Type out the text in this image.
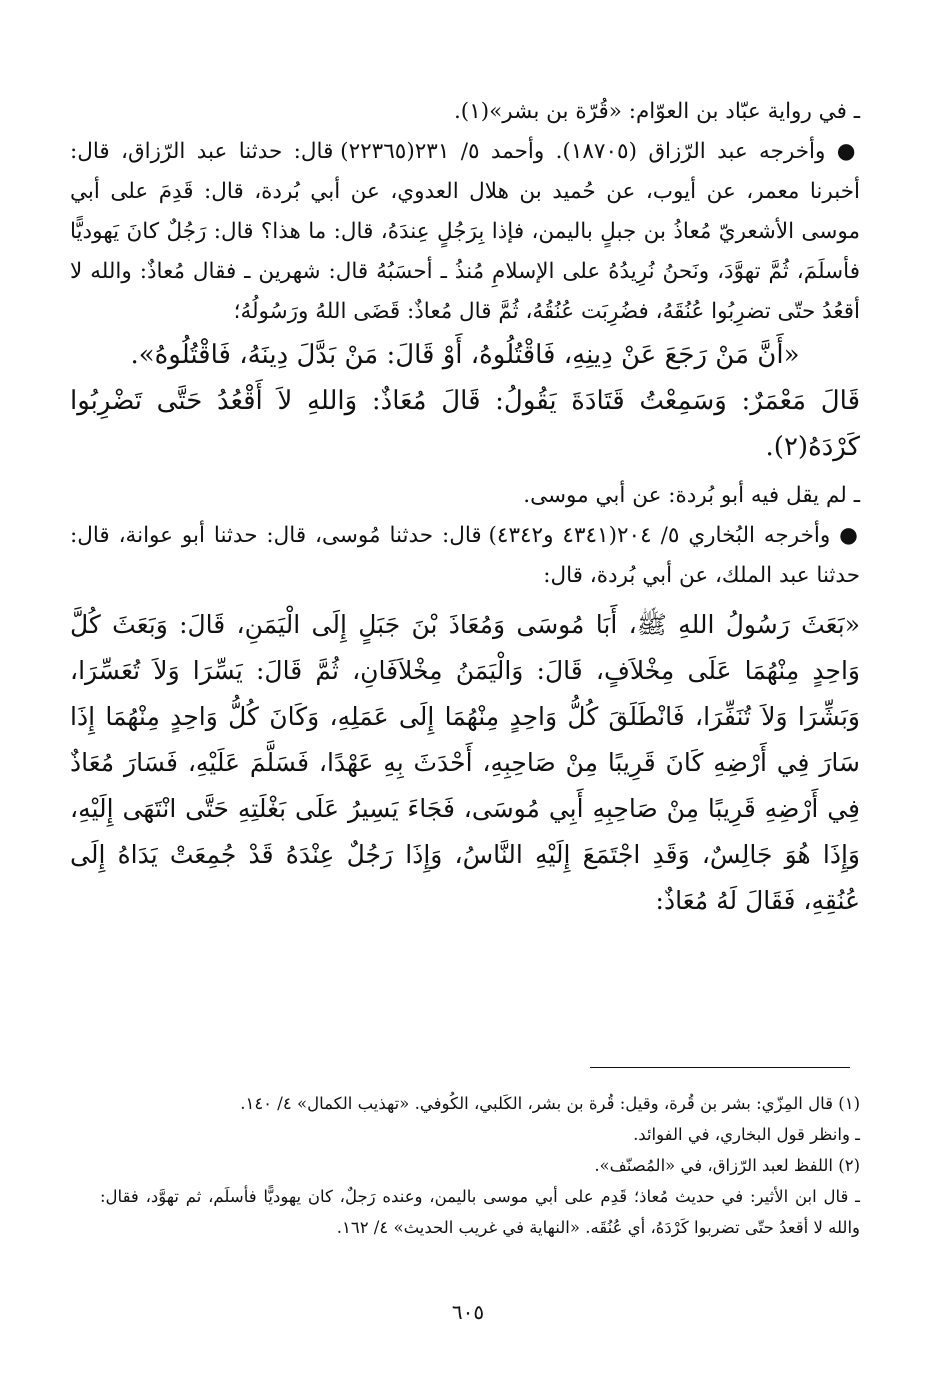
ـ في رواية عبّاد بن العوّام: «قُرّة بن بشر»(١).

● وأخرجه عبد الرّزاق (١٨٧٠٥). وأحمد ٥/ ٢٣١(٢٢٣٦٥) قال: حدثنا عبد الرّزاق، قال: أخبرنا معمر، عن أيوب، عن حُميد بن هلال العدوي، عن أبي بُردة، قال: قَدِمَ على أبي موسى الأشعريّ مُعاذُ بن جبلٍ باليمن، فإذا بِرَجُلٍ عِندَهُ، قال: ما هذا؟ قال: رَجُلٌ كانَ يَهوديًّا فأسلَمَ، ثُمَّ تهوَّدَ، ونَحنُ نُرِيدُهُ على الإسلامِ مُنذُ ـ أحسَبُهُ قال: شهرين ـ فقال مُعاذٌ: والله لا أقعُدُ حتّى تضرِبُوا عُنُقَهُ، فضُرِبَت عُنُقُهُ، ثُمَّ قال مُعاذٌ: قَضَى اللهُ ورَسُولُهُ؛

«أَنَّ مَنْ رَجَعَ عَنْ دِينِهِ، فَاقْتُلُوهُ، أَوْ قَالَ: مَنْ بَدَّلَ دِينَهُ، فَاقْتُلُوهُ».

قَالَ مَعْمَرٌ: وَسَمِعْتُ قَتَادَةَ يَقُولُ: قَالَ مُعَاذٌ: وَاللهِ لاَ أَقْعُدُ حَتَّى تَضْرِبُوا كَرْدَهُ(٢).

ـ لم يقل فيه أبو بُردة: عن أبي موسى.

● وأخرجه البُخاري ٥/ ٢٠٤(٤٣٤١ و٤٣٤٢) قال: حدثنا مُوسى، قال: حدثنا أبو عوانة، قال: حدثنا عبد الملك، عن أبي بُردة، قال:

«بَعَثَ رَسُولُ اللهِ ﷺ، أَبَا مُوسَى وَمُعَاذَ بْنَ جَبَلٍ إِلَى الْيَمَنِ، قَالَ: وَبَعَثَ كُلَّ وَاحِدٍ مِنْهُمَا عَلَى مِخْلاَفٍ، قَالَ: وَالْيَمَنُ مِخْلاَفَانِ، ثُمَّ قَالَ: يَسِّرَا وَلاَ تُعَسِّرَا، وَبَشِّرَا وَلاَ تُنَفِّرَا، فَانْطَلَقَ كُلُّ وَاحِدٍ مِنْهُمَا إِلَى عَمَلِهِ، وَكَانَ كُلُّ وَاحِدٍ مِنْهُمَا إِذَا سَارَ فِي أَرْضِهِ كَانَ قَرِيبًا مِنْ صَاحِبِهِ، أَحْدَثَ بِهِ عَهْدًا، فَسَلَّمَ عَلَيْهِ، فَسَارَ مُعَاذٌ فِي أَرْضِهِ قَرِيبًا مِنْ صَاحِبِهِ أَبِي مُوسَى، فَجَاءَ يَسِيرُ عَلَى بَغْلَتِهِ حَتَّى انْتَهَى إِلَيْهِ، وَإِذَا هُوَ جَالِسٌ، وَقَدِ اجْتَمَعَ إِلَيْهِ النَّاسُ، وَإِذَا رَجُلٌ عِنْدَهُ قَدْ جُمِعَتْ يَدَاهُ إِلَى عُنُقِهِ، فَقَالَ لَهُ مُعَاذٌ:

(١) قال المِزّي: بشر بن قُرة، وقيل: قُرة بن بشر، الكَلبي، الكُوفي. «تهذيب الكمال» ٤/ ١٤٠.

ـ وانظر قول البخاري، في الفوائد.

(٢) اللفظ لعبد الرّزاق، في «المُصنّف».

ـ قال ابن الأثير: في حديث مُعاذ؛ قَدِم على أبي موسى باليمن، وعنده رَجلٌ، كان يهوديًّا فأسلَم، ثم تهوَّد، فقال: والله لا أقعدُ حتّى تضربوا كَرْدَهُ، أي عُنُقَه. «النهاية في غريب الحديث» ٤/ ١٦٢.

٦٠٥
